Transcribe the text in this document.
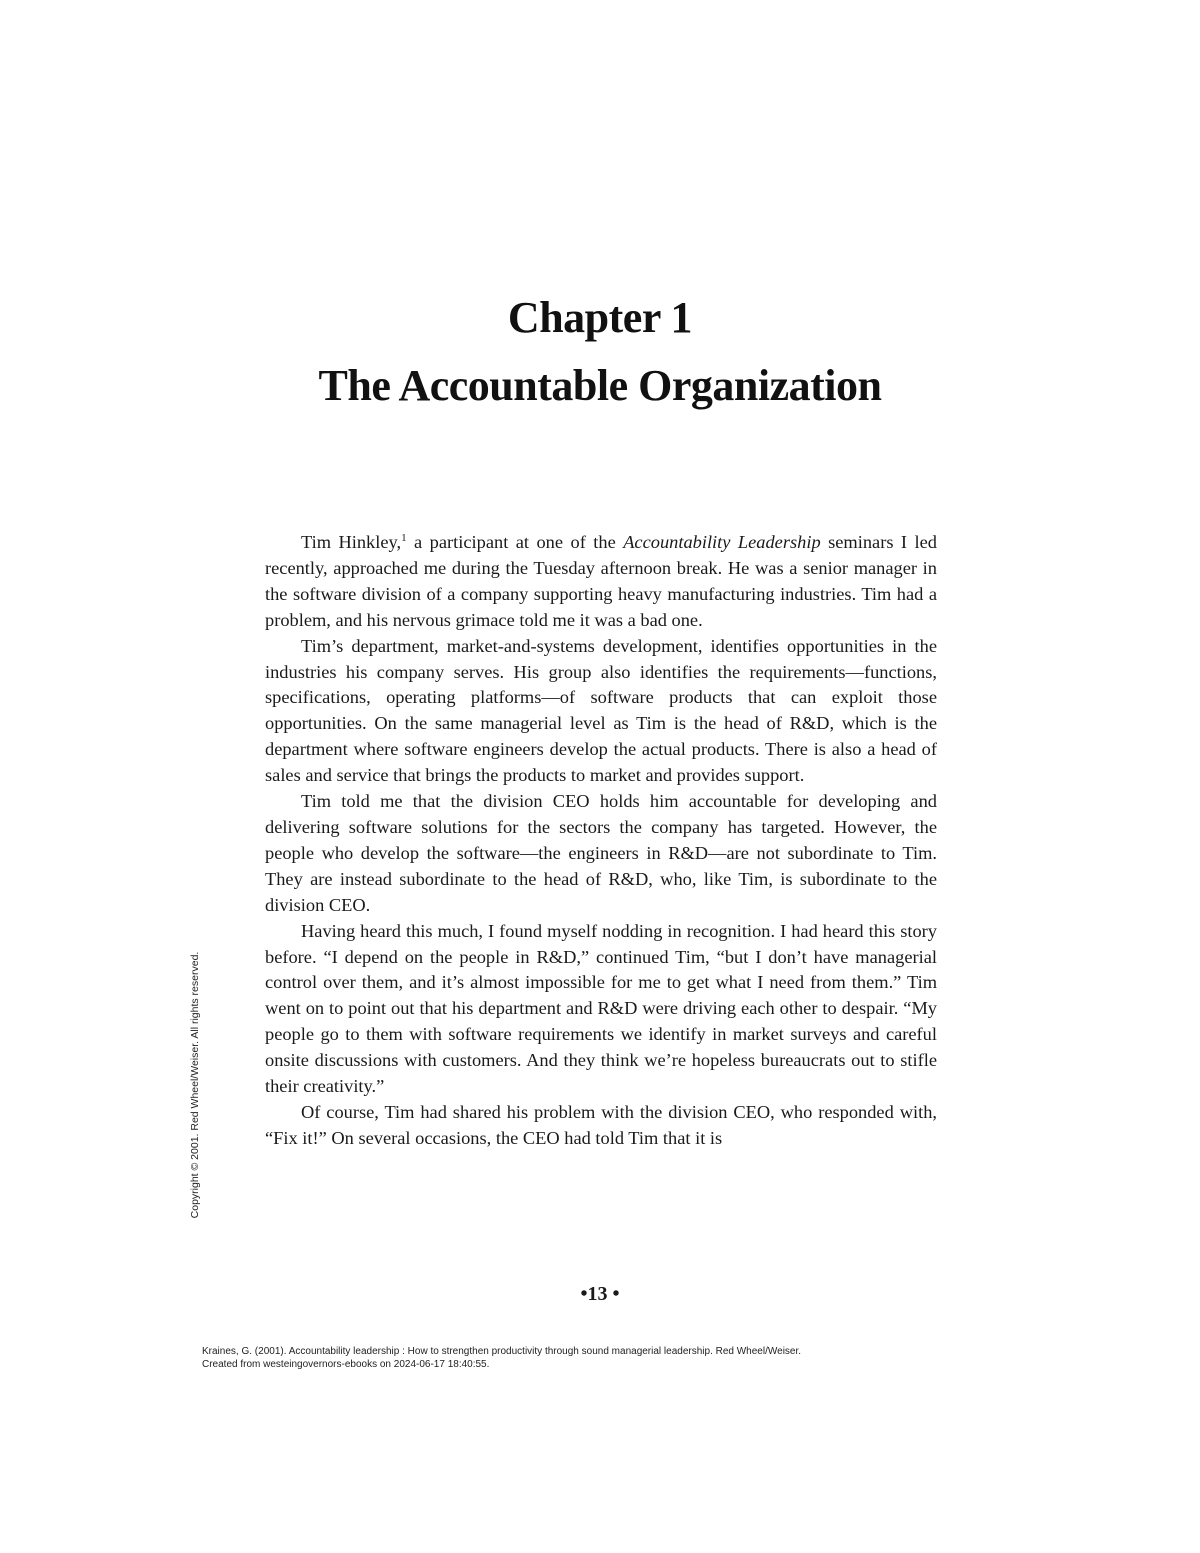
Chapter 1
The Accountable Organization

Tim Hinkley,$^1$ a participant at one of the Accountability Leadership seminars I led recently, approached me during the Tuesday afternoon break. He was a senior manager in the software division of a company supporting heavy manufacturing industries. Tim had a problem, and his nervous grimace told me it was a bad one.

Tim’s department, market-and-systems development, identifies opportunities in the industries his company serves. His group also identifies the requirements—functions, specifications, operating platforms—of software products that can exploit those opportunities. On the same managerial level as Tim is the head of R&D, which is the department where software engineers develop the actual products. There is also a head of sales and service that brings the products to market and provides support.

Tim told me that the division CEO holds him accountable for developing and delivering software solutions for the sectors the company has targeted. However, the people who develop the software—the engineers in R&D—are not subordinate to Tim. They are instead subordinate to the head of R&D, who, like Tim, is subordinate to the division CEO.

Having heard this much, I found myself nodding in recognition. I had heard this story before. “I depend on the people in R&D,” continued Tim, “but I don’t have managerial control over them, and it’s almost impossible for me to get what I need from them.” Tim went on to point out that his department and R&D were driving each other to despair. “My people go to them with software requirements we identify in market surveys and careful onsite discussions with customers. And they think we’re hopeless bureaucrats out to stifle their creativity.”

Of course, Tim had shared his problem with the division CEO, who responded with, “Fix it!” On several occasions, the CEO had told Tim that it is

•13 •
Copyright © 2001. Red Wheel/Weiser. All rights reserved.
Kraines, G. (2001). Accountability leadership : How to strengthen productivity through sound managerial leadership. Red Wheel/Weiser.
Created from westeingovernors-ebooks on 2024-06-17 18:40:55.
